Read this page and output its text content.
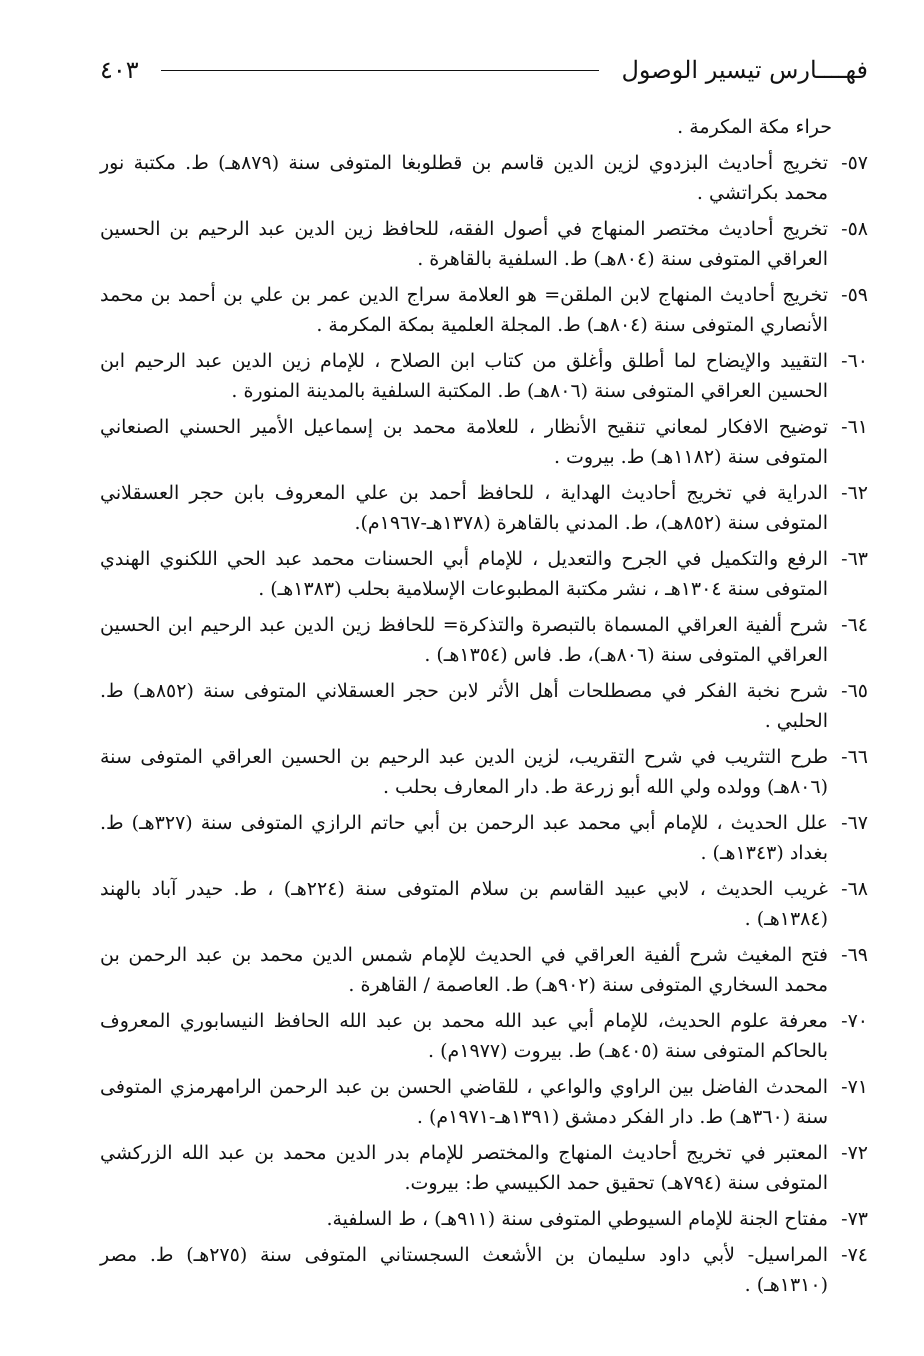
فهــــارس تيسير الوصول
٤٠٣

حراء مكة المكرمة .

٥٧-
تخريج أحاديث البزدوي لزين الدين قاسم بن قطلوبغا المتوفى سنة (٨٧٩هـ) ط. مكتبة نور محمد بكراتشي .
٥٨-
تخريج أحاديث مختصر المنهاج في أصول الفقه، للحافظ زين الدين عبد الرحيم بن الحسين العراقي المتوفى سنة (٨٠٤هـ) ط. السلفية بالقاهرة .
٥٩-
تخريج أحاديث المنهاج لابن الملقن= هو العلامة سراج الدين عمر بن علي بن أحمد بن محمد الأنصاري المتوفى سنة (٨٠٤هـ) ط. المجلة العلمية بمكة المكرمة .
٦٠-
التقييد والإيضاح لما أطلق وأغلق من كتاب ابن الصلاح ، للإمام زين الدين عبد الرحيم ابن الحسين العراقي المتوفى سنة (٨٠٦هـ) ط. المكتبة السلفية بالمدينة المنورة .
٦١-
توضيح الافكار لمعاني تنقيح الأنظار ، للعلامة محمد بن إسماعيل الأمير الحسني الصنعاني المتوفى سنة (١١٨٢هـ) ط. بيروت .
٦٢-
الدراية في تخريج أحاديث الهداية ، للحافظ أحمد بن علي المعروف بابن حجر العسقلاني المتوفى سنة (٨٥٢هـ)، ط. المدني بالقاهرة (١٣٧٨هـ-١٩٦٧م).
٦٣-
الرفع والتكميل في الجرح والتعديل ، للإمام أبي الحسنات محمد عبد الحي اللكنوي الهندي المتوفى سنة ١٣٠٤هـ ، نشر مكتبة المطبوعات الإسلامية بحلب (١٣٨٣هـ) .
٦٤-
شرح ألفية العراقي المسماة بالتبصرة والتذكرة= للحافظ زين الدين عبد الرحيم ابن الحسين العراقي المتوفى سنة (٨٠٦هـ)، ط. فاس (١٣٥٤هـ) .
٦٥-
شرح نخبة الفكر في مصطلحات أهل الأثر لابن حجر العسقلاني المتوفى سنة (٨٥٢هـ) ط. الحلبي .
٦٦-
طرح التثريب في شرح التقريب، لزين الدين عبد الرحيم بن الحسين العراقي المتوفى سنة (٨٠٦هـ) وولده ولي الله أبو زرعة ط. دار المعارف بحلب .
٦٧-
علل الحديث ، للإمام أبي محمد عبد الرحمن بن أبي حاتم الرازي المتوفى سنة (٣٢٧هـ) ط. بغداد (١٣٤٣هـ) .
٦٨-
غريب الحديث ، لابي عبيد القاسم بن سلام المتوفى سنة (٢٢٤هـ) ، ط. حيدر آباد بالهند (١٣٨٤هـ) .
٦٩-
فتح المغيث شرح ألفية العراقي في الحديث للإمام شمس الدين محمد بن عبد الرحمن بن محمد السخاري المتوفى سنة (٩٠٢هـ) ط. العاصمة / القاهرة .
٧٠-
معرفة علوم الحديث، للإمام أبي عبد الله محمد بن عبد الله الحافظ النيسابوري المعروف بالحاكم المتوفى سنة (٤٠٥هـ) ط. بيروت (١٩٧٧م) .
٧١-
المحدث الفاضل بين الراوي والواعي ، للقاضي الحسن بن عبد الرحمن الرامهرمزي المتوفى سنة (٣٦٠هـ) ط. دار الفكر دمشق (١٣٩١هـ-١٩٧١م) .
٧٢-
المعتبر في تخريج أحاديث المنهاج والمختصر للإمام بدر الدين محمد بن عبد الله الزركشي المتوفى سنة (٧٩٤هـ) تحقيق حمد الكبيسي ط: بيروت.
٧٣-
مفتاح الجنة للإمام السيوطي المتوفى سنة (٩١١هـ) ، ط السلفية.
٧٤-
المراسيل- لأبي داود سليمان بن الأشعث السجستاني المتوفى سنة (٢٧٥هـ) ط. مصر (١٣١٠هـ) .
